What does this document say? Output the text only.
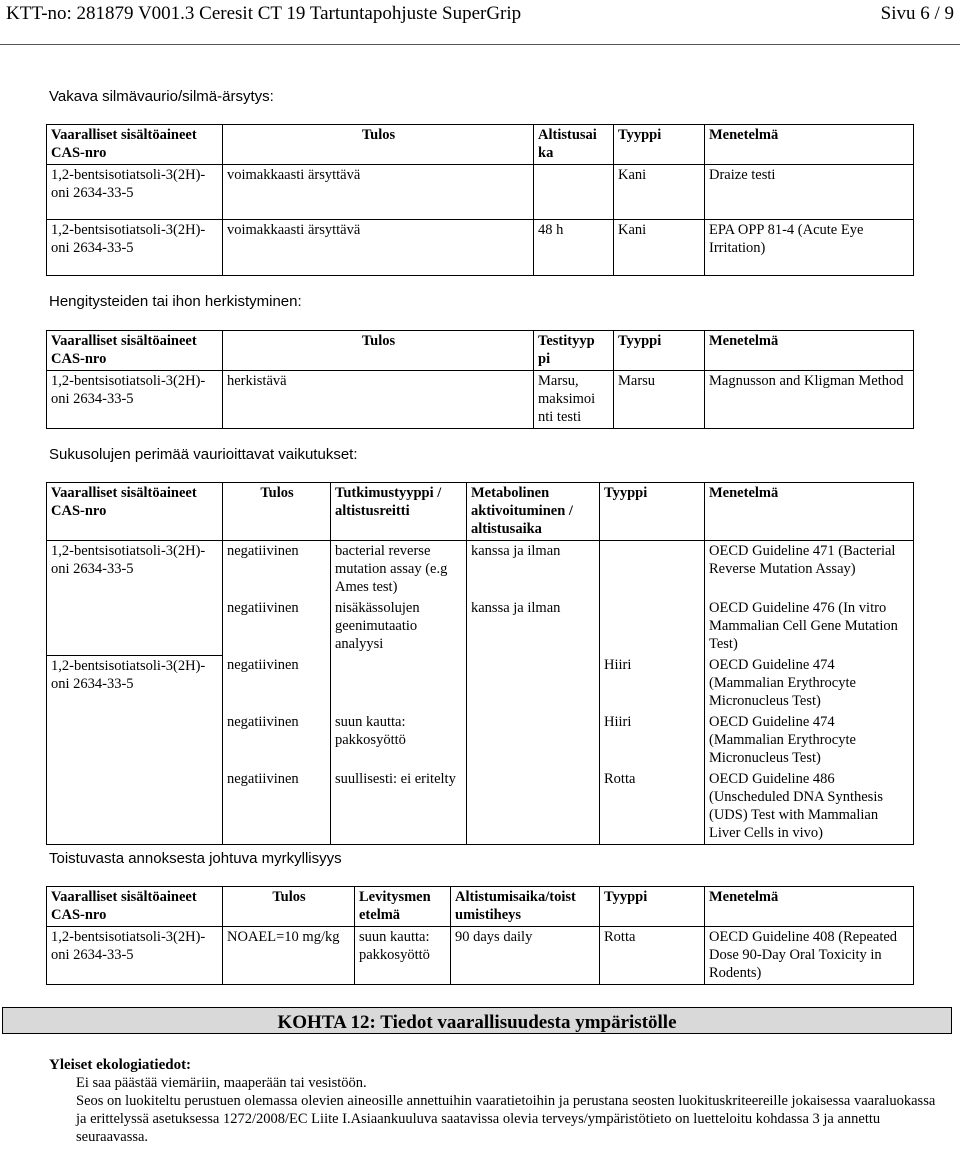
KTT-no: 281879 V001.3 Ceresit CT 19 Tartuntapohjuste SuperGrip	Sivu 6 / 9
Vakava silmävaurio/silmä-ärsytys:
Vaaralliset sisältöaineet CAS-nro	Tulos	Altistusai ka	Tyyppi	Menetelmä
1,2-bentsisotiatsoli-3(2H)-oni 2634-33-5	voimakkaasti ärsyttävä		Kani	Draize testi
1,2-bentsisotiatsoli-3(2H)-oni 2634-33-5	voimakkaasti ärsyttävä	48 h	Kani	EPA OPP 81-4 (Acute Eye Irritation)
Hengitysteiden tai ihon herkistyminen:
Vaaralliset sisältöaineet CAS-nro	Tulos	Testityyp pi	Tyyppi	Menetelmä
1,2-bentsisotiatsoli-3(2H)-oni 2634-33-5	herkistävä	Marsu, maksimoi nti testi	Marsu	Magnusson and Kligman Method
Sukusolujen perimää vaurioittavat vaikutukset:
Vaaralliset sisältöaineet CAS-nro	Tulos	Tutkimustyyppi / altistusreitti	Metabolinen aktivoituminen / altistusaika	Tyyppi	Menetelmä
1,2-bentsisotiatsoli-3(2H)-oni 2634-33-5	negatiivinen	bacterial reverse mutation assay (e.g Ames test)	kanssa ja ilman		OECD Guideline 471 (Bacterial Reverse Mutation Assay)
	negatiivinen	nisäkässolujen geenimutaatio analyysi	kanssa ja ilman		OECD Guideline 476 (In vitro Mammalian Cell Gene Mutation Test)
1,2-bentsisotiatsoli-3(2H)-oni 2634-33-5	negatiivinen			Hiiri	OECD Guideline 474 (Mammalian Erythrocyte Micronucleus Test)
	negatiivinen	suun kautta: pakkosyöttö		Hiiri	OECD Guideline 474 (Mammalian Erythrocyte Micronucleus Test)
	negatiivinen	suullisesti: ei eritelty		Rotta	OECD Guideline 486 (Unscheduled DNA Synthesis (UDS) Test with Mammalian Liver Cells in vivo)
Toistuvasta annoksesta johtuva myrkyllisyys
Vaaralliset sisältöaineet CAS-nro	Tulos	Levitysmen etelmä	Altistumisaika/toist umistiheys	Tyyppi	Menetelmä
1,2-bentsisotiatsoli-3(2H)-oni 2634-33-5	NOAEL=10 mg/kg	suun kautta: pakkosyöttö	90 days daily	Rotta	OECD Guideline 408 (Repeated Dose 90-Day Oral Toxicity in Rodents)
KOHTA 12: Tiedot vaarallisuudesta ympäristölle
Yleiset ekologiatiedot:

Ei saa päästää viemäriin, maaperään tai vesistöön.

Seos on luokiteltu perustuen olemassa olevien aineosille annettuihin vaaratietoihin ja perustana seosten luokituskriteereille jokaisessa vaaraluokassa ja erittelyssä asetuksessa 1272/2008/EC Liite I.Asiaankuuluva saatavissa olevia terveys/ympäristötieto on luetteloitu kohdassa 3 ja annettu seuraavassa.
